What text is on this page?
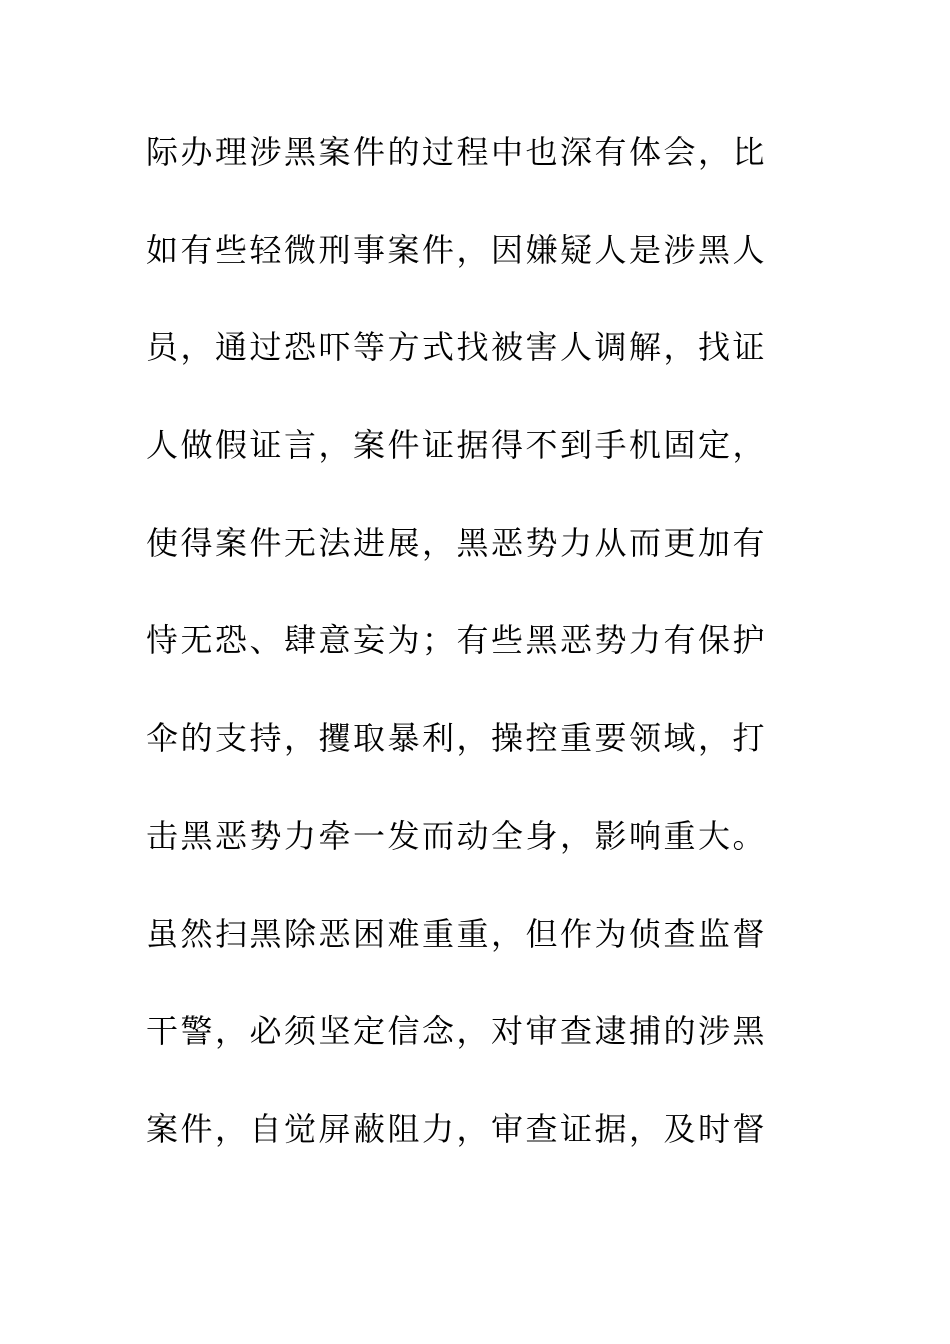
际办理涉黑案件的过程中也深有体会，比
如有些轻微刑事案件，因嫌疑人是涉黑人
员，通过恐吓等方式找被害人调解，找证
人做假证言，案件证据得不到手机固定，
使得案件无法进展，黑恶势力从而更加有
恃无恐、肆意妄为；有些黑恶势力有保护
伞的支持，攫取暴利，操控重要领域，打
击黑恶势力牵一发而动全身，影响重大。
虽然扫黑除恶困难重重，但作为侦查监督
干警，必须坚定信念，对审查逮捕的涉黑
案件，自觉屏蔽阻力，审查证据，及时督
